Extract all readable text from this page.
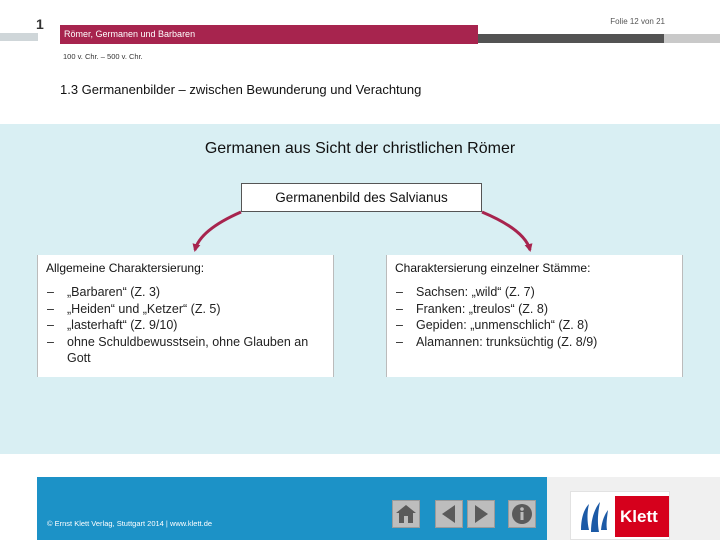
1	Folie 12 von 21
Römer, Germanen und Barbaren
100 v. Chr. – 500 v. Chr.
1.3 Germanenbilder – zwischen Bewunderung und Verachtung
Germanen aus Sicht der christlichen Römer
Germanenbild des Salvianus
Allgemeine Charaktersierung:
– „Barbaren“ (Z. 3)
– „Heiden“ und „Ketzer“ (Z. 5)
– „lasterhaft“ (Z. 9/10)
– ohne Schuldbewusstsein, ohne Glauben an Gott
Charaktersierung einzelner Stämme:
– Sachsen: „wild“ (Z. 7)
– Franken: „treulos“ (Z. 8)
– Gepiden: „unmenschlich“ (Z. 8)
– Alamannen: trunksüchtig (Z. 8/9)
© Ernst Klett Verlag, Stuttgart 2014 | www.klett.de	Klett
